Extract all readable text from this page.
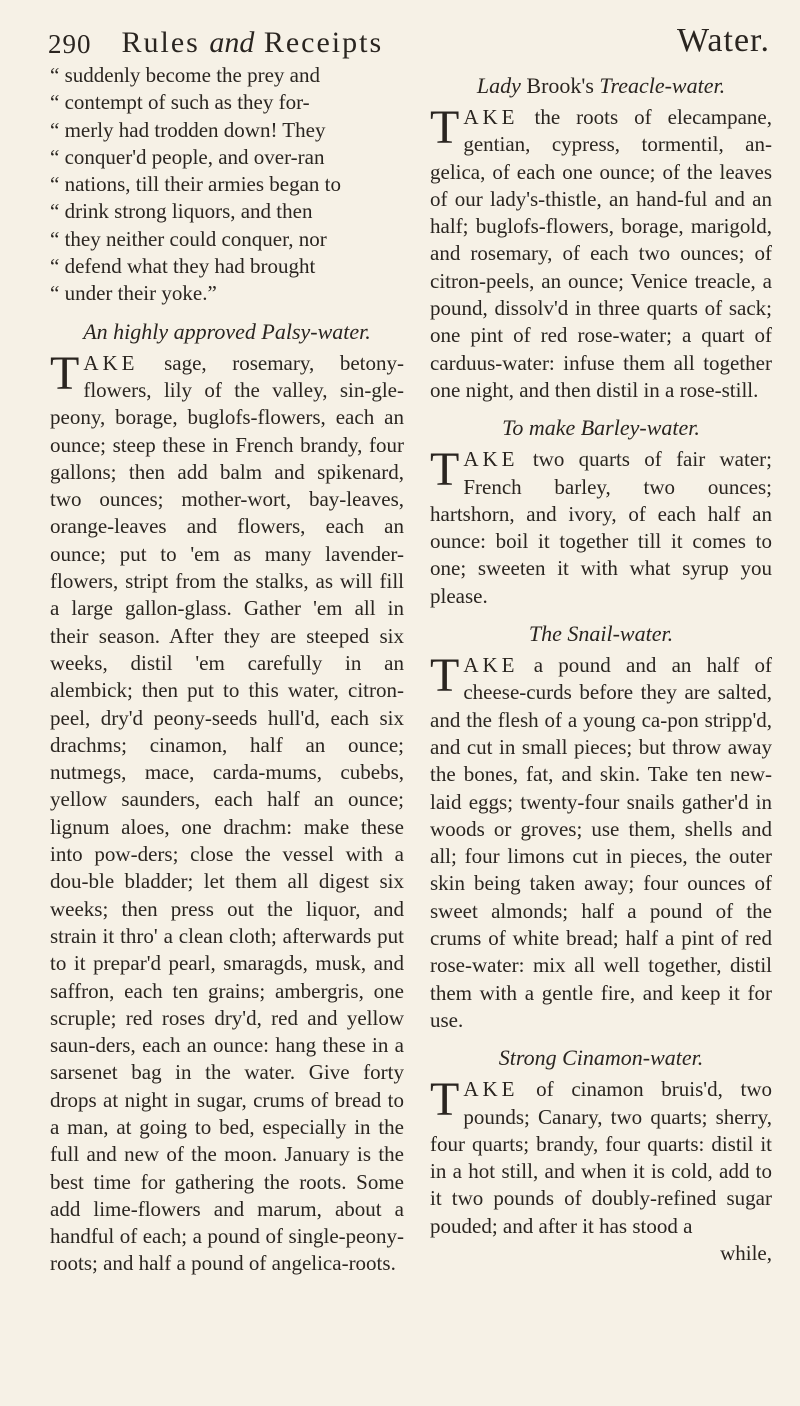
290 Rules and Receipts	Water.

“ suddenly become the prey and
“ contempt of such as they for-
“ merly had trodden down! They
“ conquer'd people, and over-ran
“ nations, till their armies began to
“ drink strong liquors, and then
“ they neither could conquer, nor
“ defend what they had brought
“ under their yoke.”

An highly approved Palsy-water.

TAKE sage, rosemary, betony-flowers, lily of the valley, sin-gle-peony, borage, buglofs-flowers, each an ounce; steep these in French brandy, four gallons; then add balm and spikenard, two ounces; mother-wort, bay-leaves, orange-leaves and flowers, each an ounce; put to 'em as many lavender-flowers, stript from the stalks, as will fill a large gallon-glass. Gather 'em all in their season. After they are steeped six weeks, distil 'em carefully in an alembick; then put to this water, citron-peel, dry'd peony-seeds hull'd, each six drachms; cinamon, half an ounce; nutmegs, mace, carda-mums, cubebs, yellow saunders, each half an ounce; lignum aloes, one drachm: make these into pow-ders; close the vessel with a dou-ble bladder; let them all digest six weeks; then press out the liquor, and strain it thro' a clean cloth; afterwards put to it prepar'd pearl, smaragds, musk, and saffron, each ten grains; ambergris, one scruple; red roses dry'd, red and yellow saun-ders, each an ounce: hang these in a sarsenet bag in the water. Give forty drops at night in sugar, crums of bread to a man, at going to bed, especially in the full and new of the moon. January is the best time for gathering the roots. Some add lime-flowers and marum, about a handful of each; a pound of single-peony-roots; and half a pound of angelica-roots.

Lady Brook's Treacle-water.

TAKE the roots of elecampane, gentian, cypress, tormentil, an-gelica, of each one ounce; of the leaves of our lady's-thistle, an hand-ful and an half; buglofs-flowers, borage, marigold, and rosemary, of each two ounces; of citron-peels, an ounce; Venice treacle, a pound, dissolv'd in three quarts of sack; one pint of red rose-water; a quart of carduus-water: infuse them all together one night, and then distil in a rose-still.

To make Barley-water.

TAKE two quarts of fair water; French barley, two ounces; hartshorn, and ivory, of each half an ounce: boil it together till it comes to one; sweeten it with what syrup you please.

The Snail-water.

TAKE a pound and an half of cheese-curds before they are salted, and the flesh of a young ca-pon stripp'd, and cut in small pieces; but throw away the bones, fat, and skin. Take ten new-laid eggs; twenty-four snails gather'd in woods or groves; use them, shells and all; four limons cut in pieces, the outer skin being taken away; four ounces of sweet almonds; half a pound of the crums of white bread; half a pint of red rose-water: mix all well together, distil them with a gentle fire, and keep it for use.

Strong Cinamon-water.

TAKE of cinamon bruis'd, two pounds; Canary, two quarts; sherry, four quarts; brandy, four quarts: distil it in a hot still, and when it is cold, add to it two pounds of doubly-refined sugar pouded; and after it has stood a

while,
